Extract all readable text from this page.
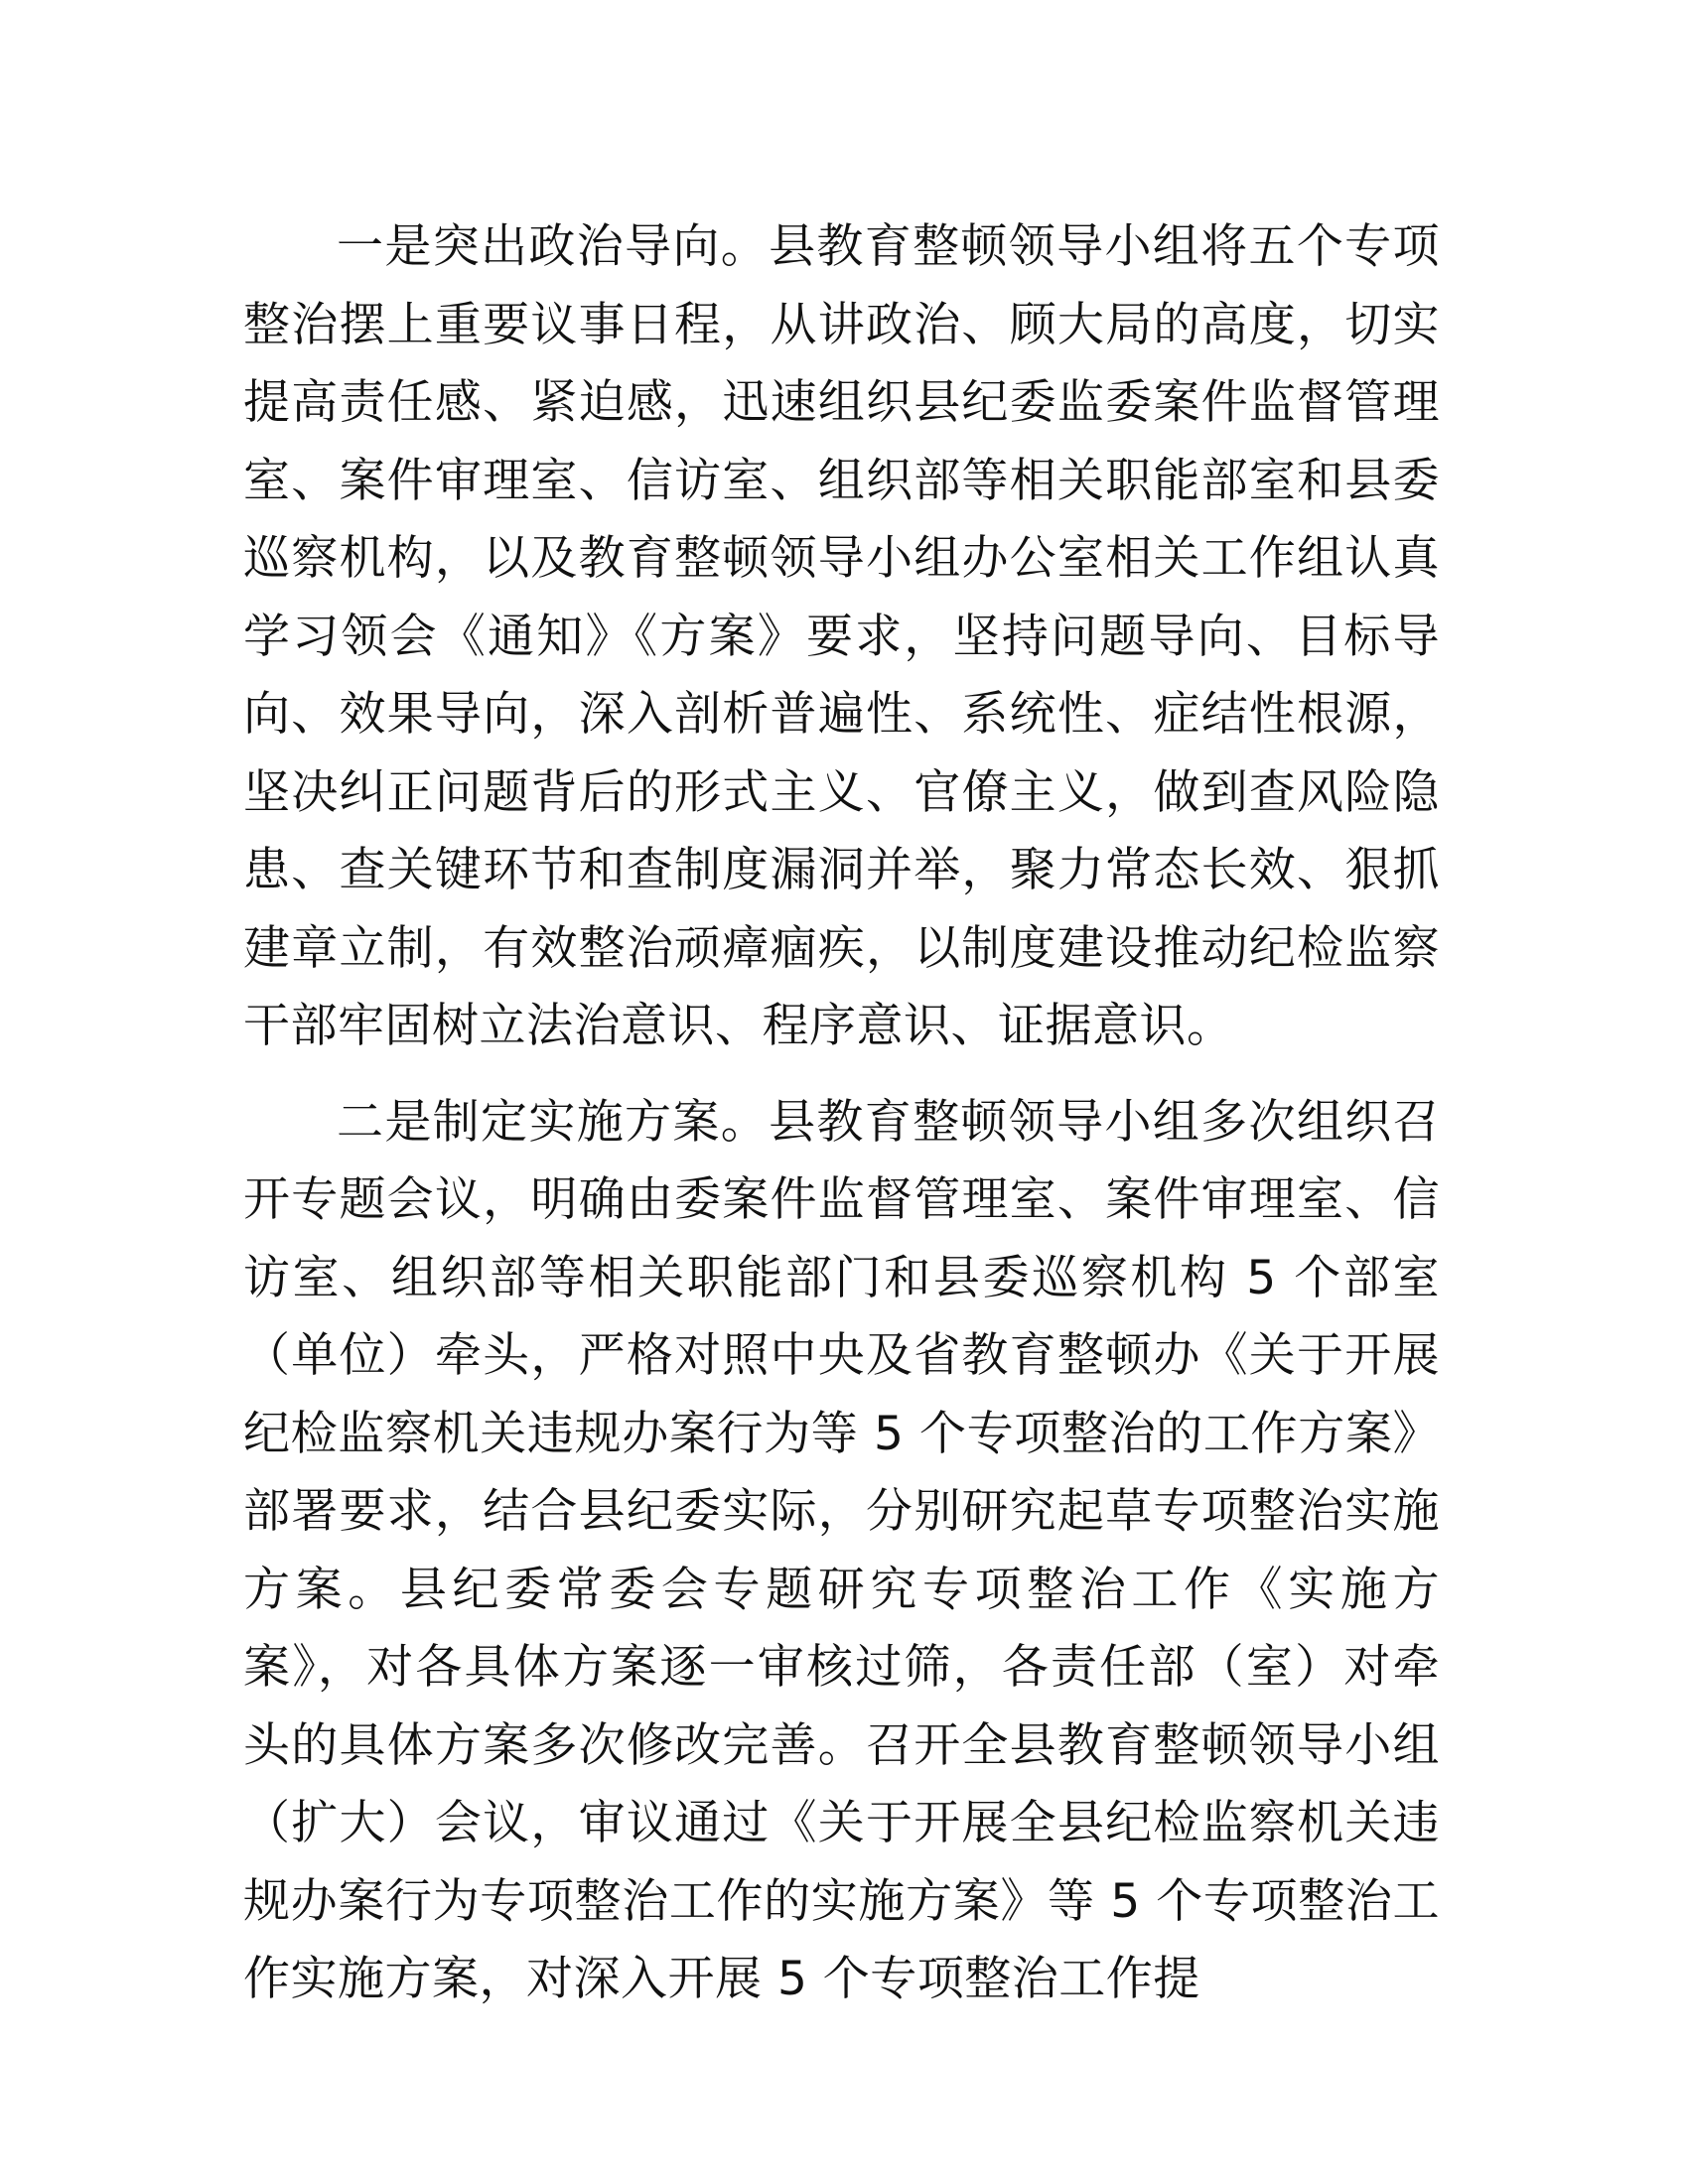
一是突出政治导向。县教育整顿领导小组将五个专项整治摆上重要议事日程，从讲政治、顾大局的高度，切实提高责任感、紧迫感，迅速组织县纪委监委案件监督管理室、案件审理室、信访室、组织部等相关职能部室和县委巡察机构，以及教育整顿领导小组办公室相关工作组认真学习领会《通知》《方案》要求，坚持问题导向、目标导向、效果导向，深入剖析普遍性、系统性、症结性根源，坚决纠正问题背后的形式主义、官僚主义，做到查风险隐患、查关键环节和查制度漏洞并举，聚力常态长效、狠抓建章立制，有效整治顽瘴痼疾，以制度建设推动纪检监察干部牢固树立法治意识、程序意识、证据意识。

二是制定实施方案。县教育整顿领导小组多次组织召开专题会议，明确由委案件监督管理室、案件审理室、信访室、组织部等相关职能部门和县委巡察机构 5 个部室（单位）牵头，严格对照中央及省教育整顿办《关于开展纪检监察机关违规办案行为等 5 个专项整治的工作方案》部署要求，结合县纪委实际，分别研究起草专项整治实施方案。县纪委常委会专题研究专项整治工作《实施方案》，对各具体方案逐一审核过筛，各责任部（室）对牵头的具体方案多次修改完善。召开全县教育整顿领导小组（扩大）会议，审议通过《关于开展全县纪检监察机关违规办案行为专项整治工作的实施方案》等 5 个专项整治工作实施方案，对深入开展 5 个专项整治工作提
